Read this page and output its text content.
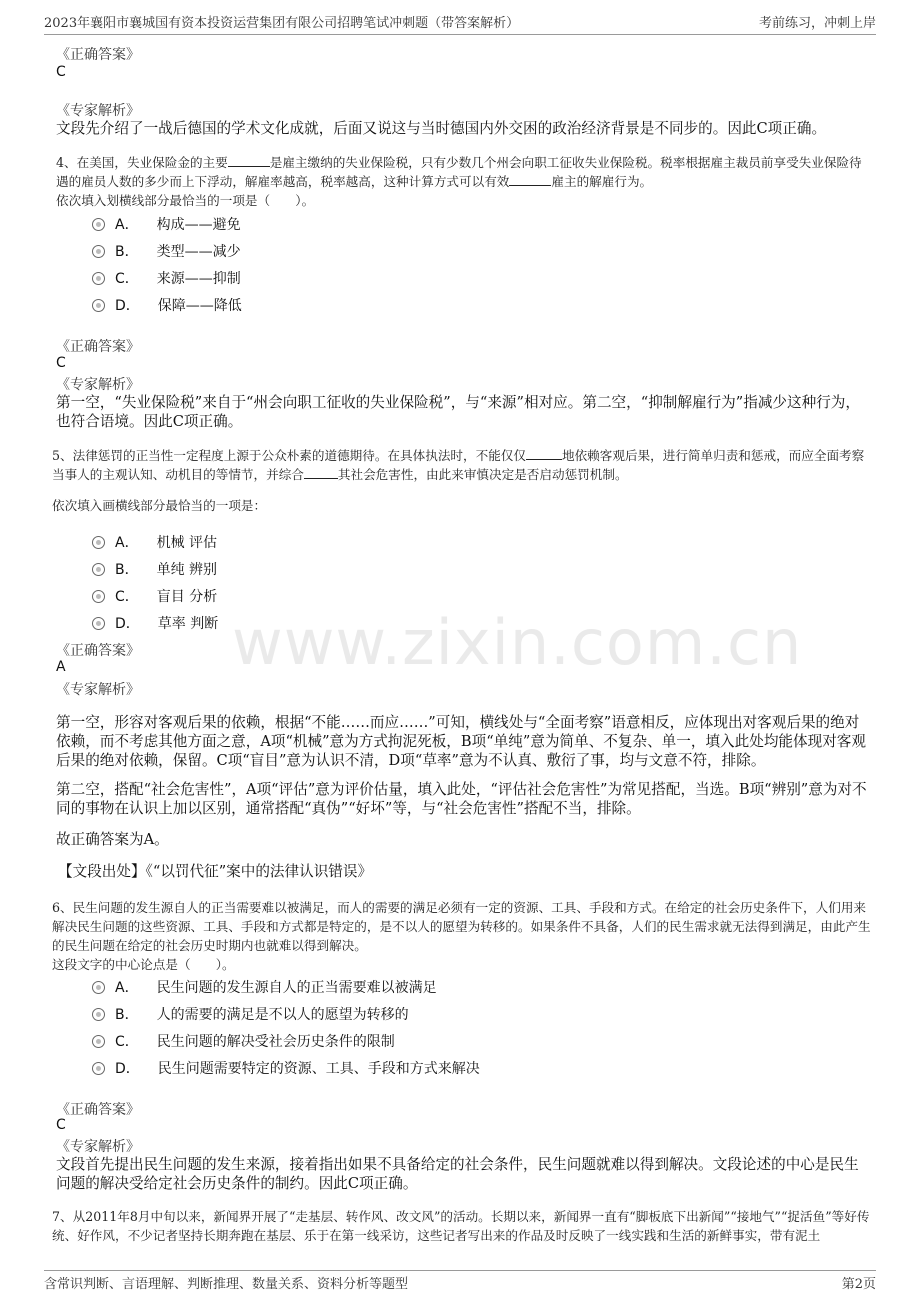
2023年襄阳市襄城国有资本投资运营集团有限公司招聘笔试冲刺题（带答案解析）	考前练习，冲刺上岸
www.zixin.com.cn
《正确答案》
C
《专家解析》
文段先介绍了一战后德国的学术文化成就，后面又说这与当时德国内外交困的政治经济背景是不同步的。因此C项正确。
4、在美国，失业保险金的主要	是雇主缴纳的失业保险税，只有少数几个州会向职工征收失业保险税。税率根据雇主裁员前享受失业保险待遇的雇员人数的多少而上下浮动，解雇率越高，税率越高，这种计算方式可以有效	雇主的解雇行为。
依次填入划横线部分最恰当的一项是（　　）。
A． 构成——避免
B． 类型——减少
C． 来源——抑制
D． 保障——降低
《正确答案》
C
《专家解析》
第一空，“失业保险税”来自于“州会向职工征收的失业保险税”，与“来源”相对应。第二空，“抑制解雇行为”指减少这种行为，也符合语境。因此C项正确。
5、法律惩罚的正当性一定程度上源于公众朴素的道德期待。在具体执法时，不能仅仅	地依赖客观后果，进行简单归责和惩戒，而应全面考察当事人的主观认知、动机目的等情节，并综合	其社会危害性，由此来审慎决定是否启动惩罚机制。
依次填入画横线部分最恰当的一项是：
A． 机械 评估
B． 单纯 辨别
C． 盲目 分析
D． 草率 判断
《正确答案》
A
《专家解析》
第一空，形容对客观后果的依赖，根据“不能……而应……”可知，横线处与“全面考察”语意相反，应体现出对客观后果的绝对依赖，而不考虑其他方面之意，A项“机械”意为方式拘泥死板，B项“单纯”意为简单、不复杂、单一，填入此处均能体现对客观后果的绝对依赖，保留。C项“盲目”意为认识不清，D项“草率”意为不认真、敷衍了事，均与文意不符，排除。
第二空，搭配“社会危害性”，A项“评估”意为评价估量，填入此处，“评估社会危害性”为常见搭配，当选。B项“辨别”意为对不同的事物在认识上加以区别，通常搭配“真伪”“好坏”等，与“社会危害性”搭配不当，排除。
故正确答案为A。
【文段出处】《“以罚代征”案中的法律认识错误》
6、民生问题的发生源自人的正当需要难以被满足，而人的需要的满足必须有一定的资源、工具、手段和方式。在给定的社会历史条件下，人们用来解决民生问题的这些资源、工具、手段和方式都是特定的，是不以人的愿望为转移的。如果条件不具备，人们的民生需求就无法得到满足，由此产生的民生问题在给定的社会历史时期内也就难以得到解决。
这段文字的中心论点是（　　）。
A． 民生问题的发生源自人的正当需要难以被满足
B． 人的需要的满足是不以人的愿望为转移的
C． 民生问题的解决受社会历史条件的限制
D． 民生问题需要特定的资源、工具、手段和方式来解决
《正确答案》
C
《专家解析》
文段首先提出民生问题的发生来源，接着指出如果不具备给定的社会条件，民生问题就难以得到解决。文段论述的中心是民生问题的解决受给定社会历史条件的制约。因此C项正确。
7、从2011年8月中旬以来，新闻界开展了“走基层、转作风、改文风”的活动。长期以来，新闻界一直有“脚板底下出新闻”“接地气”“捉活鱼”等好传统、好作风，不少记者坚持长期奔跑在基层、乐于在第一线采访，这些记者写出来的作品及时反映了一线实践和生活的新鲜事实，带有泥土
含常识判断、言语理解、判断推理、数量关系、资料分析等题型	第2页
